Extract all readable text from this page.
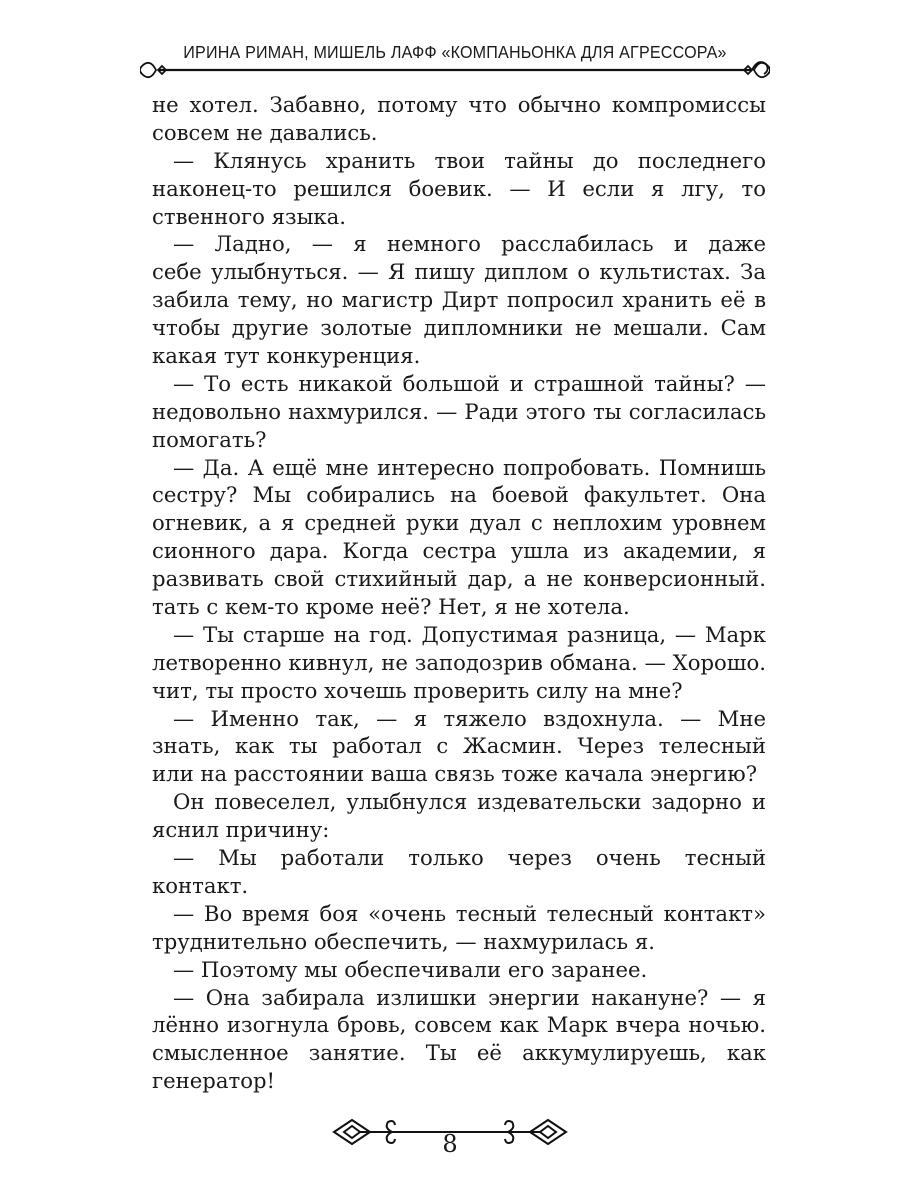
ИРИНА РИМАН, МИШЕЛЬ ЛАФФ «КОМПАНЬОНКА ДЛЯ АГРЕССОРА»
не хотел. Забавно, потому что обычно компромиссы
совсем не давались.
— Клянусь хранить твои тайны до последнего
наконец-то решился боевик. — И если я лгу, то
ственного языка.
— Ладно, — я немного расслабилась и даже
себе улыбнуться. — Я пишу диплом о культистах. За
забила тему, но магистр Дирт попросил хранить её в
чтобы другие золотые дипломники не мешали. Сам
какая тут конкуренция.
— То есть никакой большой и страшной тайны? —
недовольно нахмурился. — Ради этого ты согласилась
помогать?
— Да. А ещё мне интересно попробовать. Помнишь
сестру? Мы собирались на боевой факультет. Она
огневик, а я средней руки дуал с неплохим уровнем
сионного дара. Когда сестра ушла из академии, я
развивать свой стихийный дар, а не конверсионный.
тать с кем-то кроме неё? Нет, я не хотела.
— Ты старше на год. Допустимая разница, — Марк
летворенно кивнул, не заподозрив обмана. — Хорошо.
чит, ты просто хочешь проверить силу на мне?
— Именно так, — я тяжело вздохнула. — Мне
знать, как ты работал с Жасмин. Через телесный
или на расстоянии ваша связь тоже качала энергию?
Он повеселел, улыбнулся издевательски задорно и
яснил причину:
— Мы работали только через очень тесный
контакт.
— Во время боя «очень тесный телесный контакт»
труднительно обеспечить, — нахмурилась я.
— Поэтому мы обеспечивали его заранее.
— Она забирала излишки энергии накануне? — я
лённо изогнула бровь, совсем как Марк вчера ночью.
смысленное занятие. Ты её аккумулируешь, как
генератор!
8
